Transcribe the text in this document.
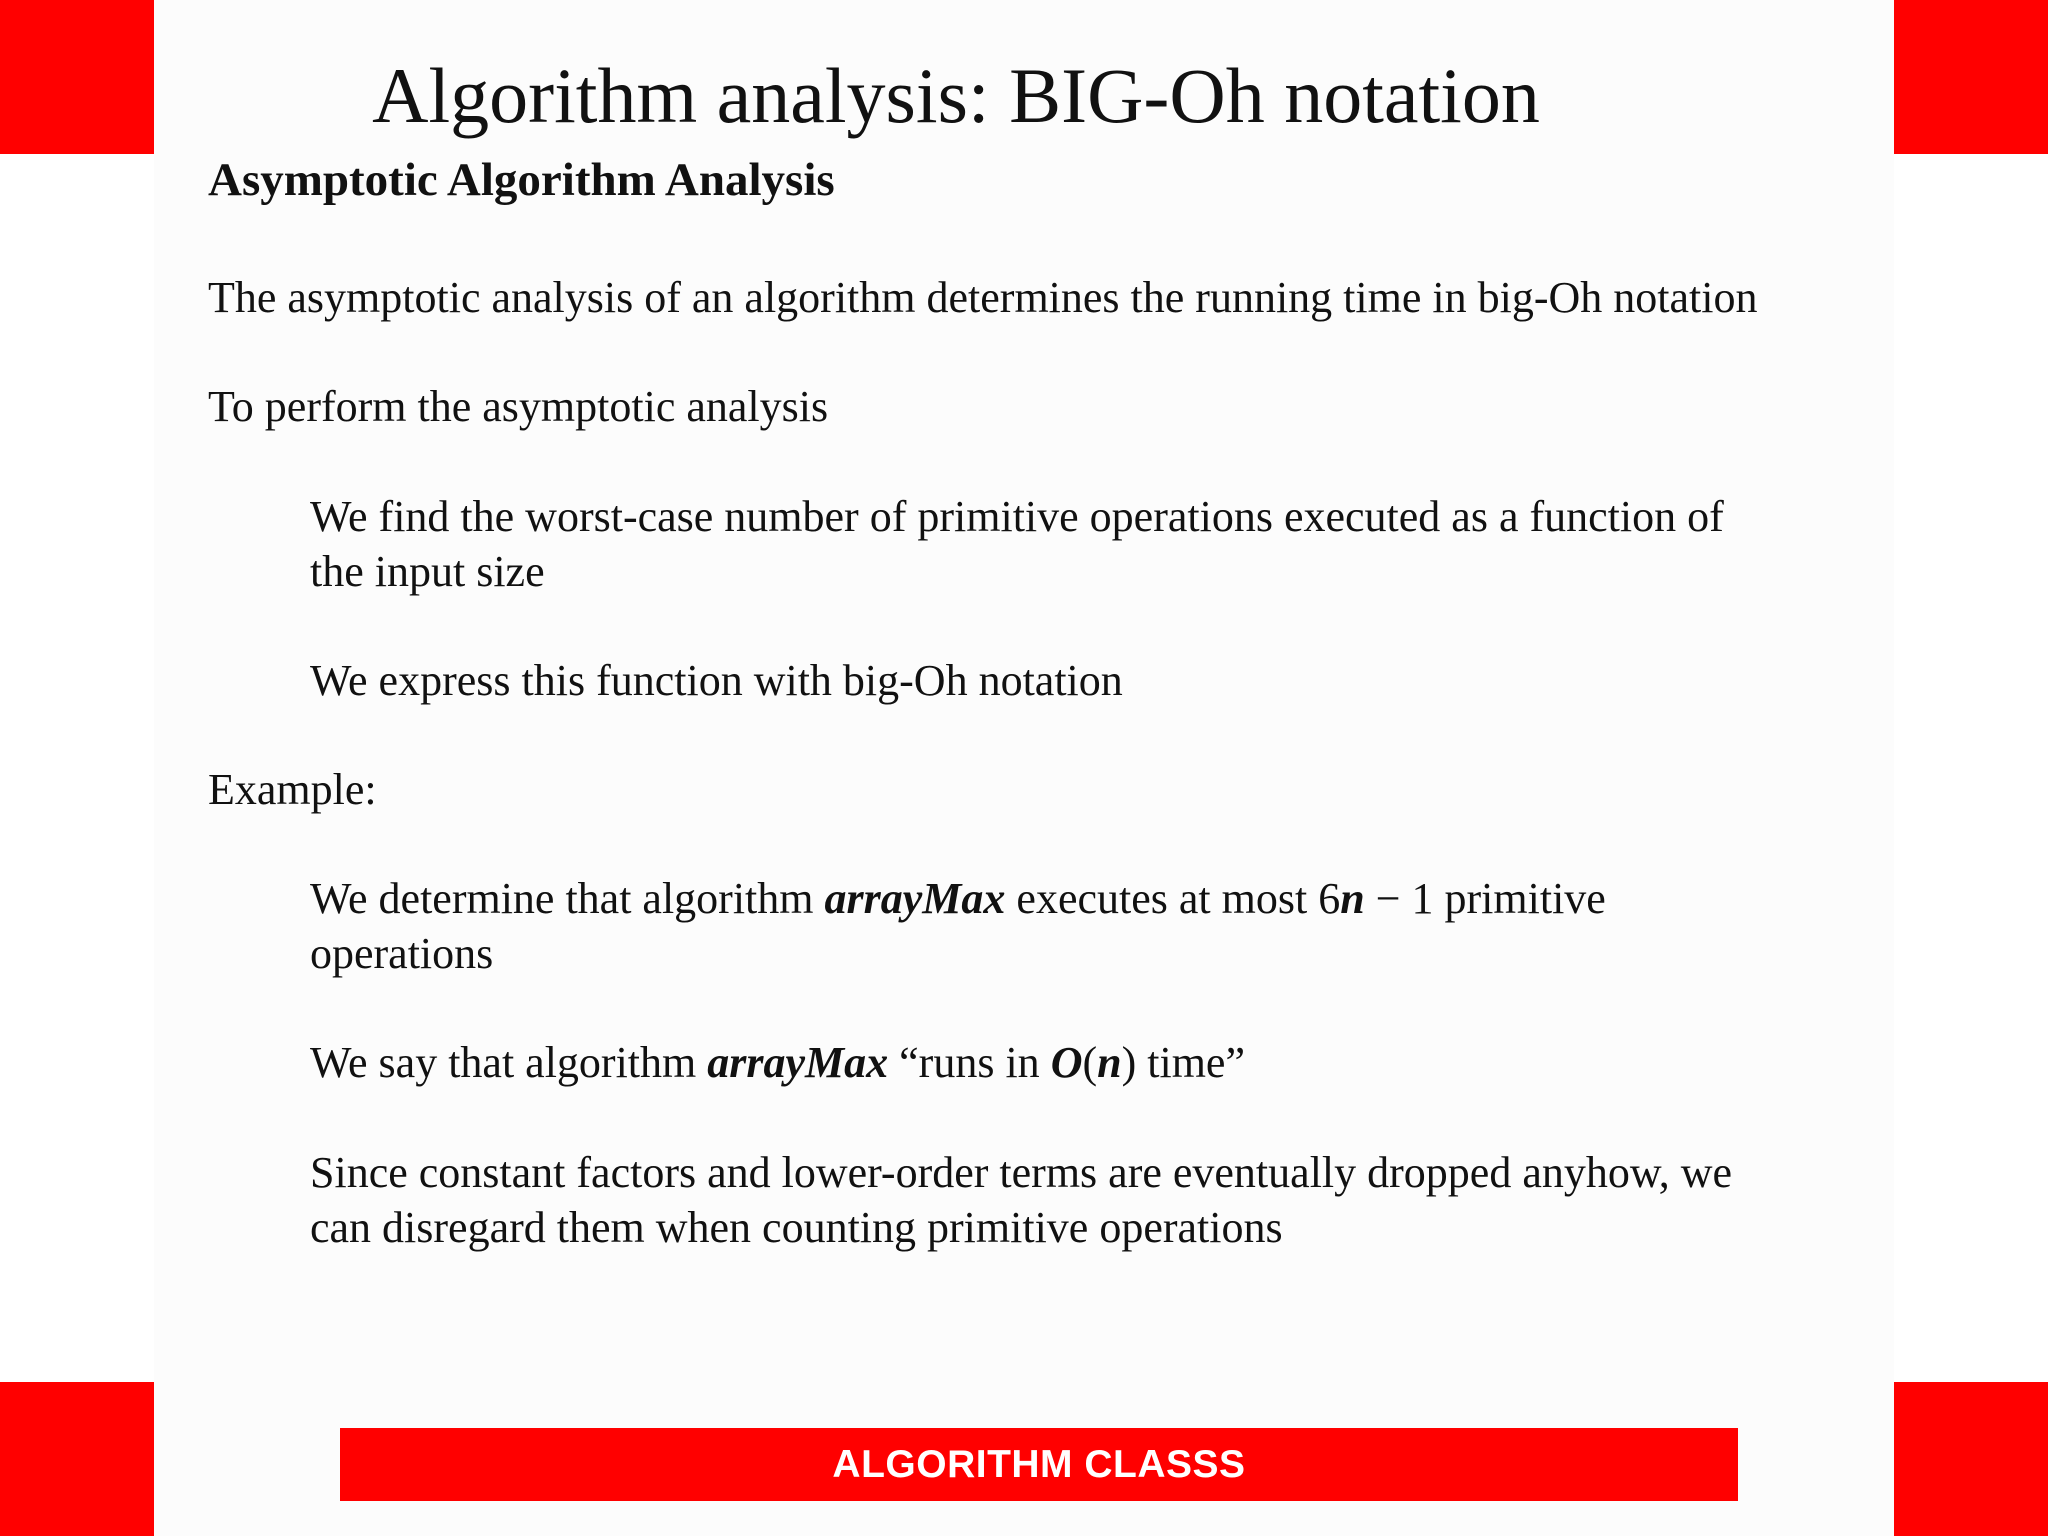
Algorithm analysis: BIG-Oh notation
Asymptotic Algorithm Analysis
The asymptotic analysis of an algorithm determines the running time in big-Oh notation
To perform the asymptotic analysis
We find the worst-case number of primitive operations executed as a function of
the input size
We express this function with big-Oh notation
Example:
We determine that algorithm arrayMax executes at most 6n − 1 primitive
operations
We say that algorithm arrayMax “runs in O(n) time”
Since constant factors and lower-order terms are eventually dropped anyhow, we
can disregard them when counting primitive operations
ALGORITHM CLASSS
